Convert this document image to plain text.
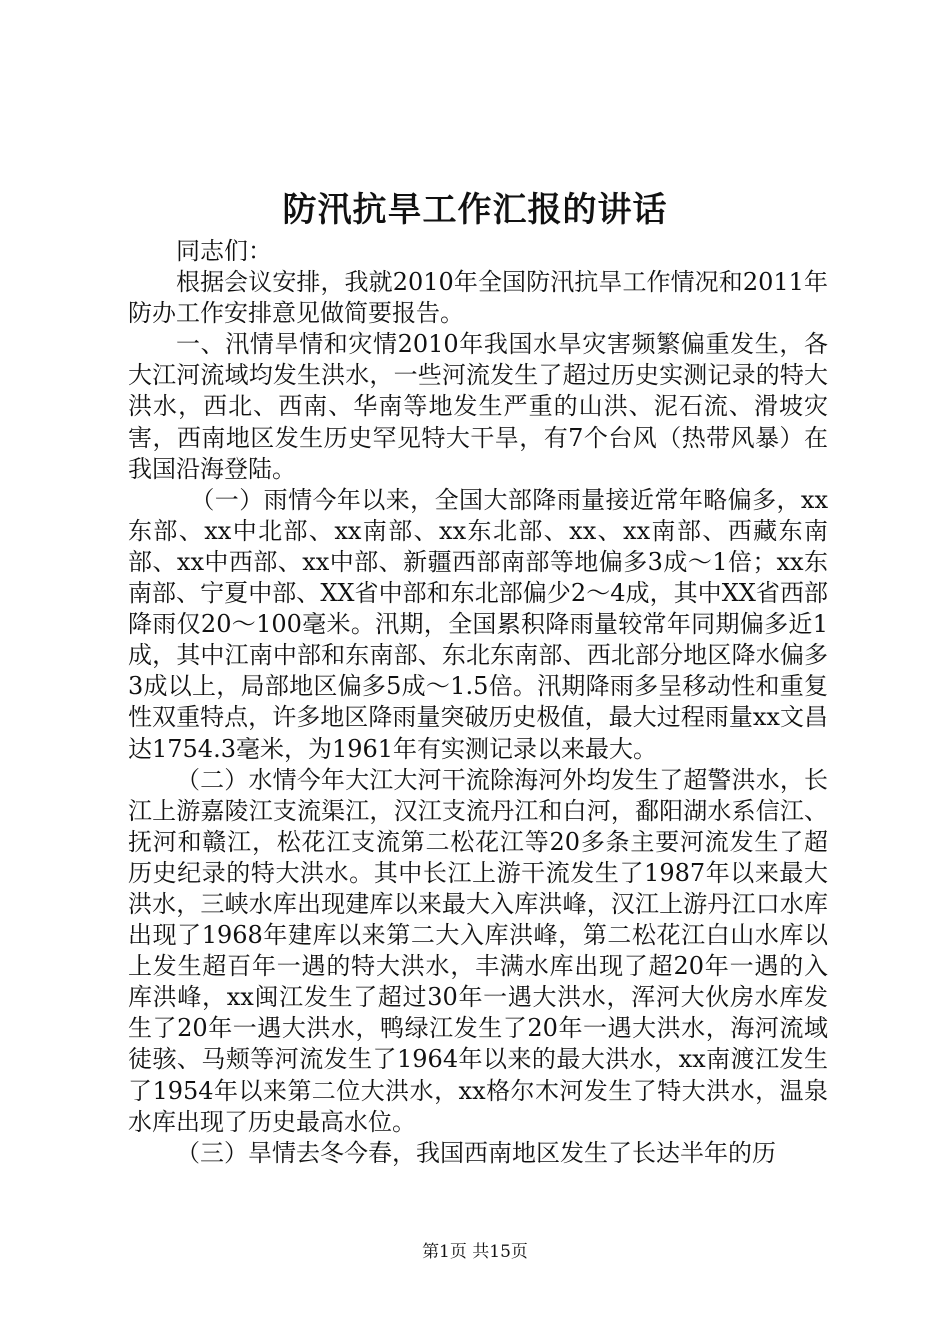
防汛抗旱工作汇报的讲话

同志们：

根据会议安排，我就2010年全国防汛抗旱工作情况和2011年防办工作安排意见做简要报告。

一、汛情旱情和灾情2010年我国水旱灾害频繁偏重发生，各大江河流域均发生洪水，一些河流发生了超过历史实测记录的特大洪水，西北、西南、华南等地发生严重的山洪、泥石流、滑坡灾害，西南地区发生历史罕见特大干旱，有7个台风（热带风暴）在我国沿海登陆。

（一）雨情今年以来，全国大部降雨量接近常年略偏多，xx东部、xx中北部、xx南部、xx东北部、xx、xx南部、西藏东南部、xx中西部、xx中部、新疆西部南部等地偏多3成～1倍；xx东南部、宁夏中部、XX省中部和东北部偏少2～4成，其中XX省西部降雨仅20～100毫米。汛期，全国累积降雨量较常年同期偏多近1成，其中江南中部和东南部、东北东南部、西北部分地区降水偏多3成以上，局部地区偏多5成～1.5倍。汛期降雨多呈移动性和重复性双重特点，许多地区降雨量突破历史极值，最大过程雨量xx文昌达1754.3毫米，为1961年有实测记录以来最大。

（二）水情今年大江大河干流除海河外均发生了超警洪水，长江上游嘉陵江支流渠江，汉江支流丹江和白河，鄱阳湖水系信江、抚河和赣江，松花江支流第二松花江等20多条主要河流发生了超历史纪录的特大洪水。其中长江上游干流发生了1987年以来最大洪水，三峡水库出现建库以来最大入库洪峰，汉江上游丹江口水库出现了1968年建库以来第二大入库洪峰，第二松花江白山水库以上发生超百年一遇的特大洪水，丰满水库出现了超20年一遇的入库洪峰，xx闽江发生了超过30年一遇大洪水，浑河大伙房水库发生了20年一遇大洪水，鸭绿江发生了20年一遇大洪水，海河流域徒骇、马颊等河流发生了1964年以来的最大洪水，xx南渡江发生了1954年以来第二位大洪水，xx格尔木河发生了特大洪水，温泉水库出现了历史最高水位。

（三）旱情去冬今春，我国西南地区发生了长达半年的历

第1页 共15页
